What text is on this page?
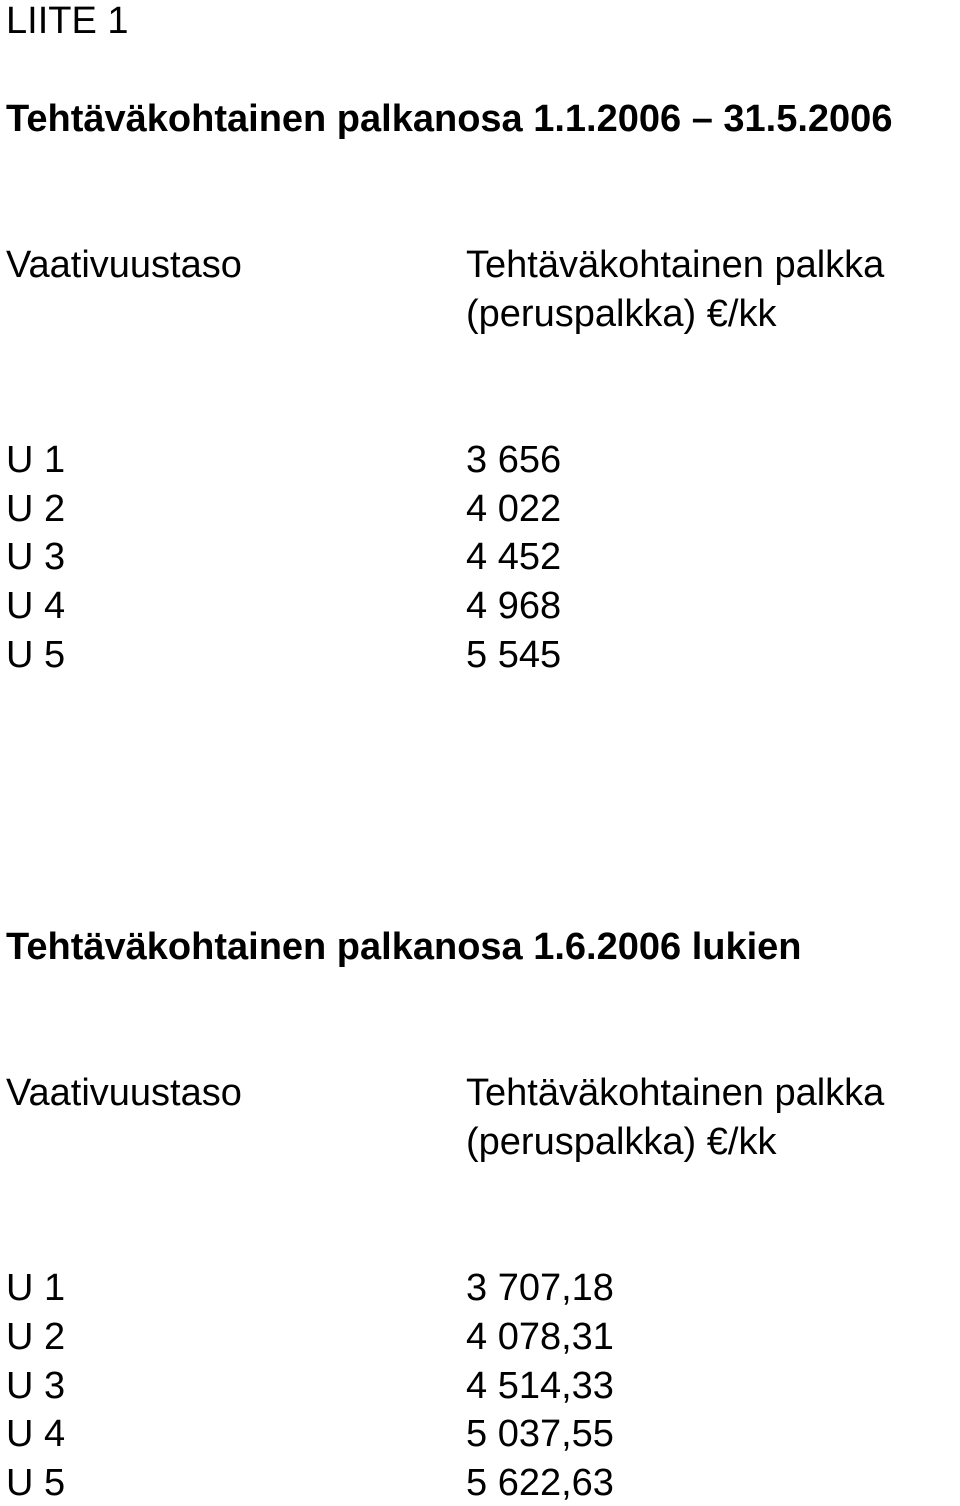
LIITE 1
Tehtäväkohtainen palkanosa 1.1.2006 – 31.5.2006
Vaativuustaso	Tehtäväkohtainen palkka
(peruspalkka) €/kk
U 1	3 656
U 2	4 022
U 3	4 452
U 4	4 968
U 5	5 545
Tehtäväkohtainen palkanosa 1.6.2006 lukien
Vaativuustaso	Tehtäväkohtainen palkka
(peruspalkka) €/kk
U 1	3 707,18
U 2	4 078,31
U 3	4 514,33
U 4	5 037,55
U 5	5 622,63
